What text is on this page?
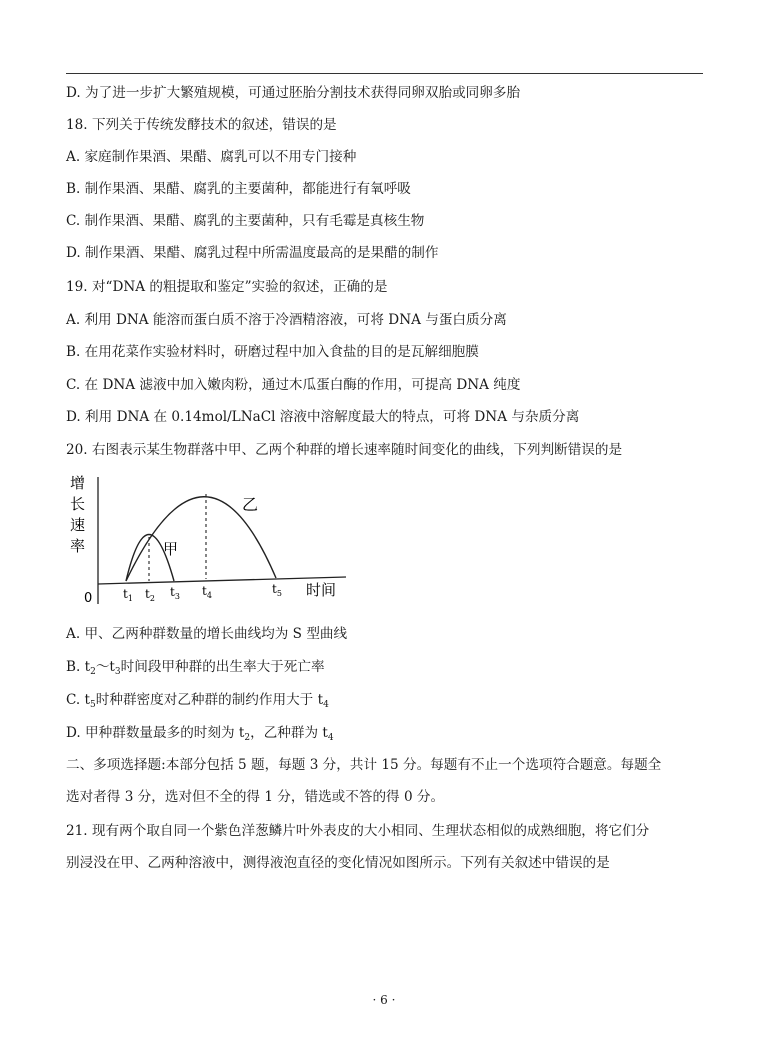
D. 为了进一步扩大繁殖规模，可通过胚胎分割技术获得同卵双胎或同卵多胎
18. 下列关于传统发酵技术的叙述，错误的是
A. 家庭制作果酒、果醋、腐乳可以不用专门接种
B. 制作果酒、果醋、腐乳的主要菌种，都能进行有氧呼吸
C. 制作果酒、果醋、腐乳的主要菌种，只有毛霉是真核生物
D. 制作果酒、果醋、腐乳过程中所需温度最高的是果醋的制作
19. 对“DNA 的粗提取和鉴定”实验的叙述，正确的是
A. 利用 DNA 能溶而蛋白质不溶于冷酒精溶液，可将 DNA 与蛋白质分离
B. 在用花菜作实验材料时，研磨过程中加入食盐的目的是瓦解细胞膜
C. 在 DNA 滤液中加入嫩肉粉，通过木瓜蛋白酶的作用，可提高 DNA 纯度
D. 利用 DNA 在 0.14mol/LNaCl 溶液中溶解度最大的特点，可将 DNA 与杂质分离
20. 右图表示某生物群落中甲、乙两个种群的增长速率随时间变化的曲线，下列判断错误的是
增
长
速
率
0	时间
甲
乙
$t_1$ $t_2$ $t_3$ $t_4$	$t_5$
A. 甲、乙两种群数量的增长曲线均为 S 型曲线
B. $t_2\sim t_3$时间段甲种群的出生率大于死亡率
C. $t_5$时种群密度对乙种群的制约作用大于 $t_4$
D. 甲种群数量最多的时刻为 $t_2$，乙种群为 $t_4$
二、多项选择题:本部分包括 5 题，每题 3 分，共计 15 分。每题有不止一个选项符合题意。每题全
选对者得 3 分，选对但不全的得 1 分，错选或不答的得 0 分。
21. 现有两个取自同一个紫色洋葱鳞片叶外表皮的大小相同、生理状态相似的成熟细胞，将它们分
别浸没在甲、乙两种溶液中，测得液泡直径的变化情况如图所示。下列有关叙述中错误的是
· 6 ·
